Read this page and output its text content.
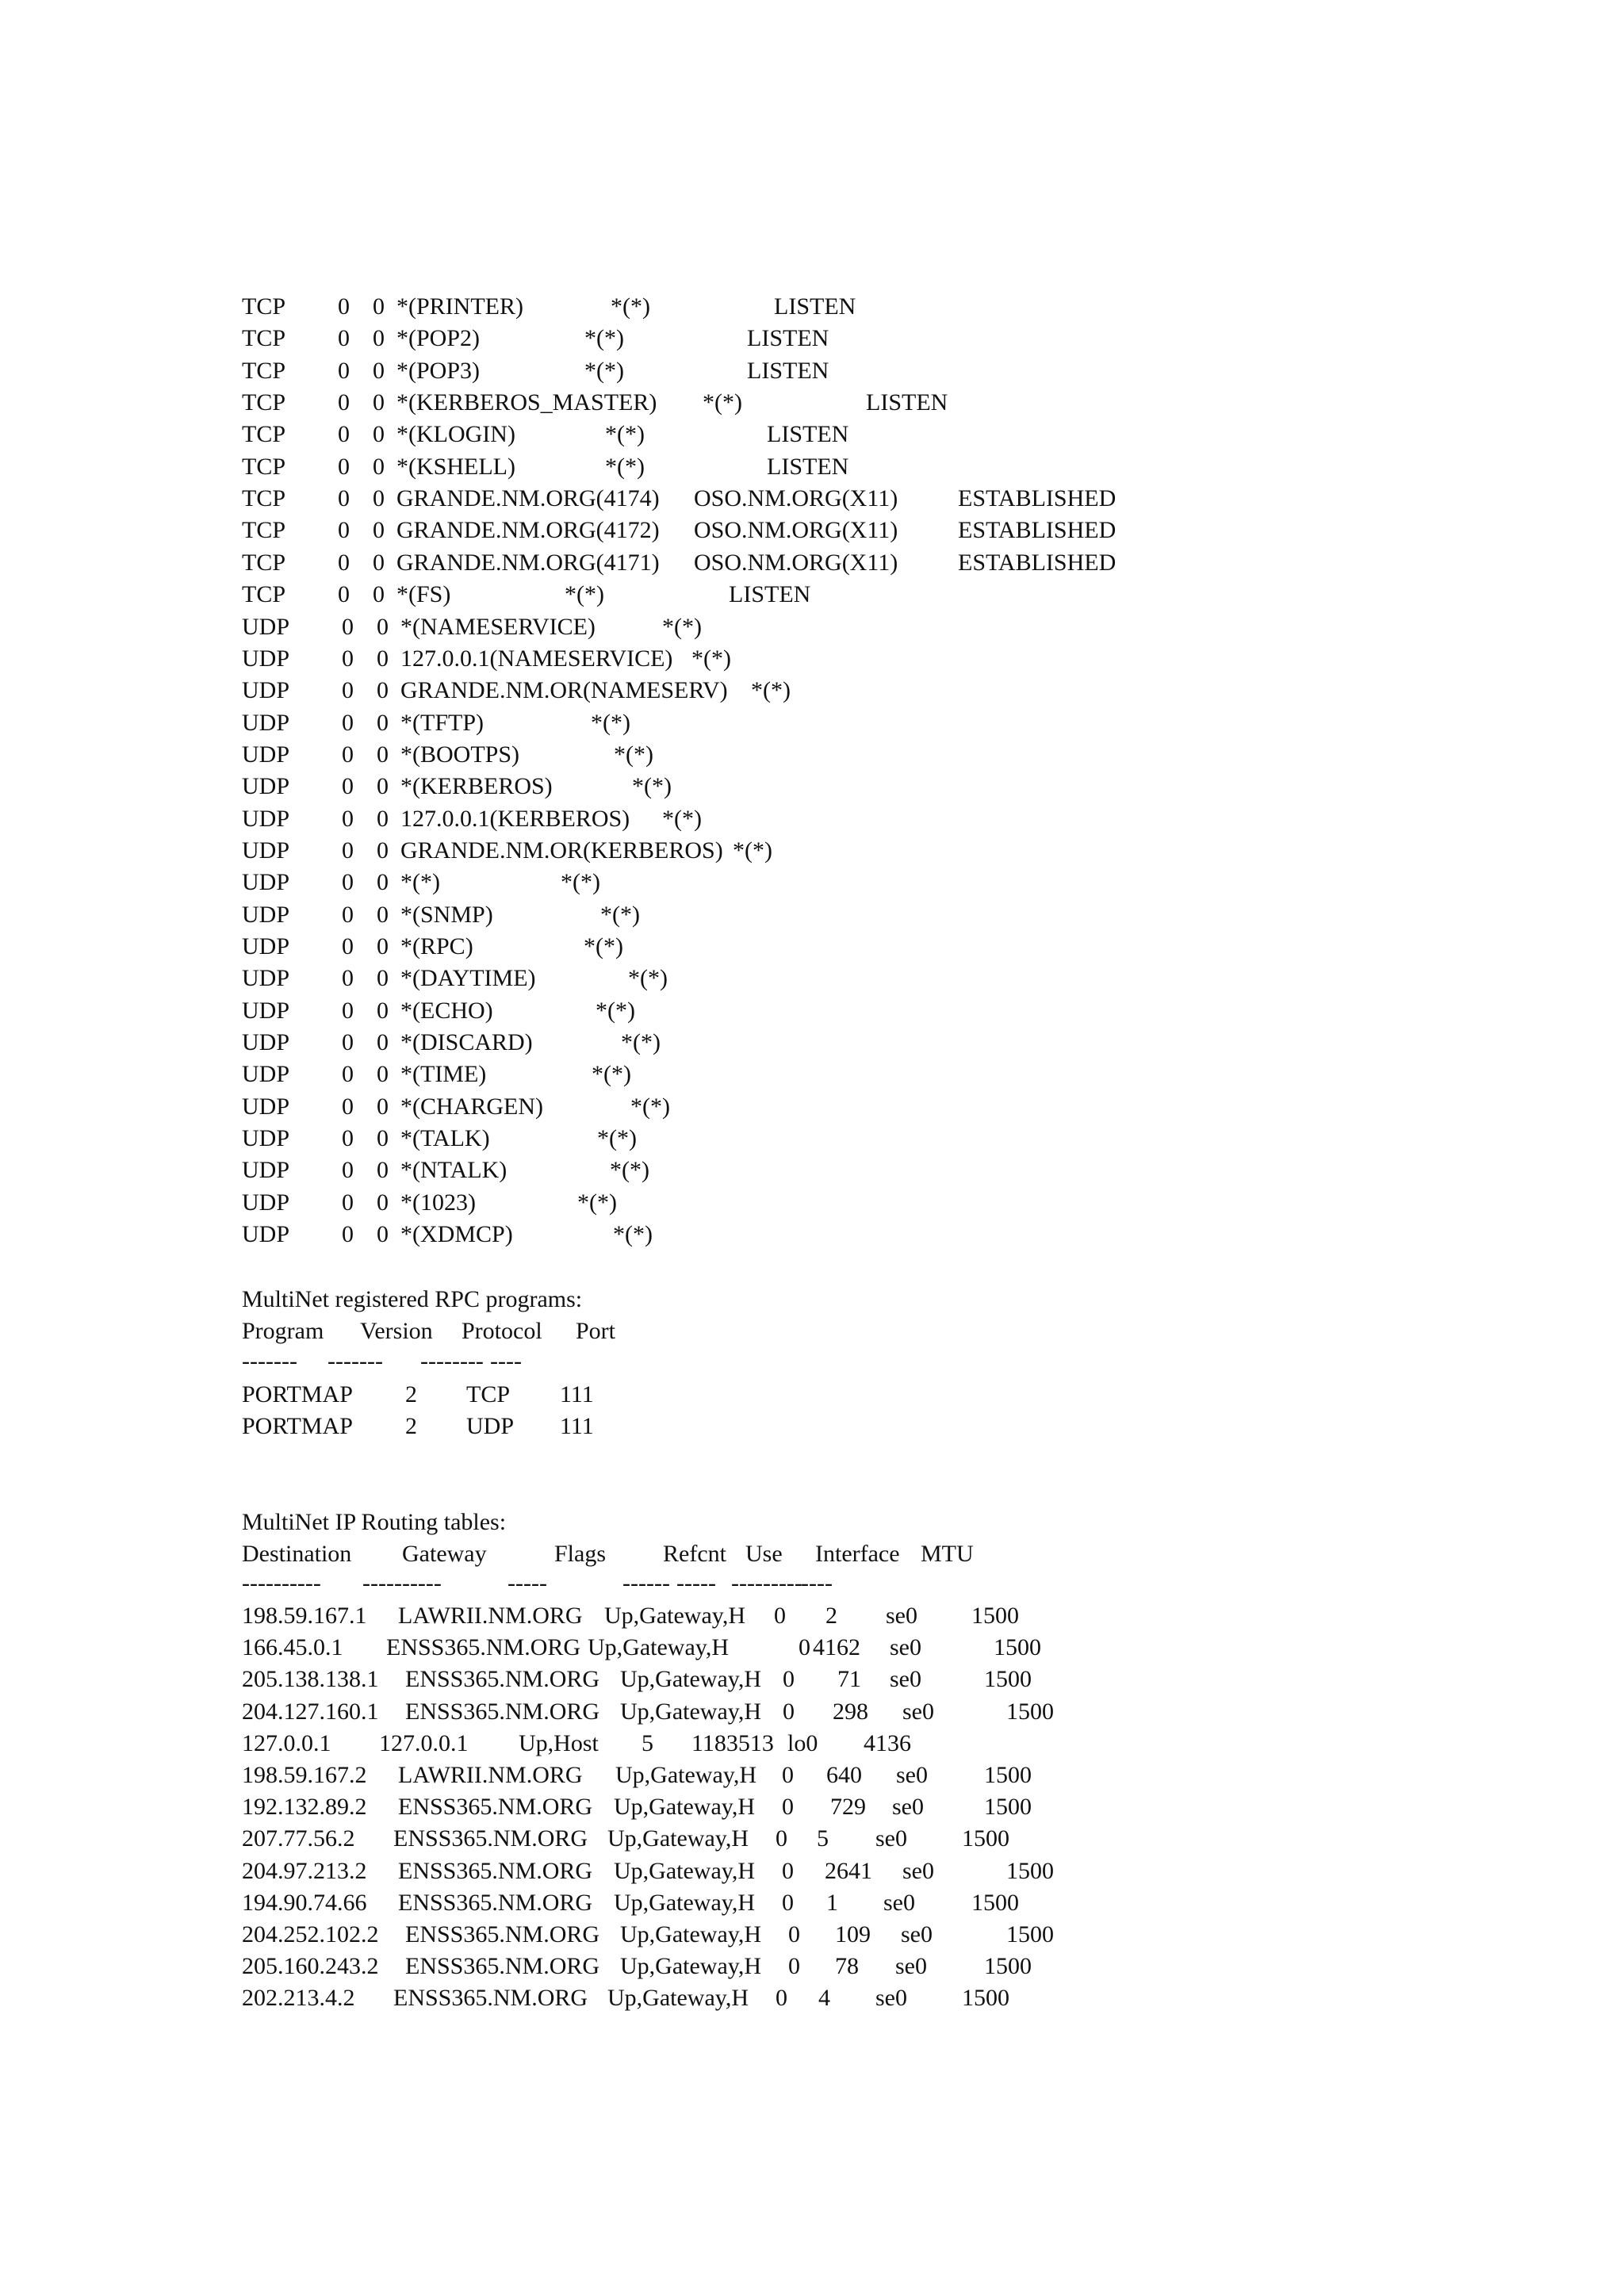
TCP 0 0 *(PRINTER)	*(*)	LISTEN
TCP 0 0 *(POP2)	*(*)	LISTEN
TCP 0 0 *(POP3)	*(*)	LISTEN
TCP 0 0 *(KERBEROS_MASTER) *(*)	LISTEN
TCP 0 0 *(KLOGIN)	*(*)	LISTEN
TCP 0 0 *(KSHELL)	*(*)	LISTEN
TCP 0 0 GRANDE.NM.ORG(4174) OSO.NM.ORG(X11)	ESTABLISHED
TCP 0 0 GRANDE.NM.ORG(4172) OSO.NM.ORG(X11)	ESTABLISHED
TCP 0 0 GRANDE.NM.ORG(4171) OSO.NM.ORG(X11)	ESTABLISHED
TCP 0 0 *(FS)	*(*)	LISTEN
UDP 0 0 *(NAMESERVICE)	*(*)
UDP 0 0 127.0.0.1(NAMESERVICE) *(*)
UDP 0 0 GRANDE.NM.OR(NAMESERV) *(*)
UDP 0 0 *(TFTP)	*(*)
UDP 0 0 *(BOOTPS)	*(*)
UDP 0 0 *(KERBEROS)	*(*)
UDP 0 0 127.0.0.1(KERBEROS) *(*)
UDP 0 0 GRANDE.NM.OR(KERBEROS) *(*)
UDP 0 0 *(*)	*(*)
UDP 0 0 *(SNMP)	*(*)
UDP 0 0 *(RPC)	*(*)
UDP 0 0 *(DAYTIME)	*(*)
UDP 0 0 *(ECHO)	*(*)
UDP 0 0 *(DISCARD)	*(*)
UDP 0 0 *(TIME)	*(*)
UDP 0 0 *(CHARGEN)	*(*)
UDP 0 0 *(TALK)	*(*)
UDP 0 0 *(NTALK)	*(*)
UDP 0 0 *(1023)	*(*)
UDP 0 0 *(XDMCP)	*(*)
MultiNet registered RPC programs:
Program Version Protocol Port
------- ------- -------- ----
PORTMAP 2 TCP 111
PORTMAP 2 UDP 111
MultiNet IP Routing tables:
Destination Gateway	Flags Refcnt Use Interface MTU
---------- ----------	-----	------ ----- ---------
----
198.59.167.1 LAWRII.NM.ORG Up,Gateway,H 0 2 se0 1500
166.45.0.1 ENSS365.NM.ORG Up,Gateway,H	0 4162 se0	1500
205.138.138.1 ENSS365.NM.ORG Up,Gateway,H 0 71 se0	1500
204.127.160.1 ENSS365.NM.ORG Up,Gateway,H 0 298 se0	1500
127.0.0.1 127.0.0.1 Up,Host 5 1183513 lo0 4136
198.59.167.2 LAWRII.NM.ORG Up,Gateway,H 0 640 se0 1500
192.132.89.2 ENSS365.NM.ORG Up,Gateway,H 0 729 se0	1500
207.77.56.2 ENSS365.NM.ORG Up,Gateway,H 0 5 se0 1500
204.97.213.2 ENSS365.NM.ORG Up,Gateway,H 0 2641 se0	1500
194.90.74.66 ENSS365.NM.ORG Up,Gateway,H 0 1 se0 1500
204.252.102.2 ENSS365.NM.ORG Up,Gateway,H 0 109 se0	1500
205.160.243.2 ENSS365.NM.ORG Up,Gateway,H 0 78 se0 1500
202.213.4.2 ENSS365.NM.ORG Up,Gateway,H 0 4 se0 1500
